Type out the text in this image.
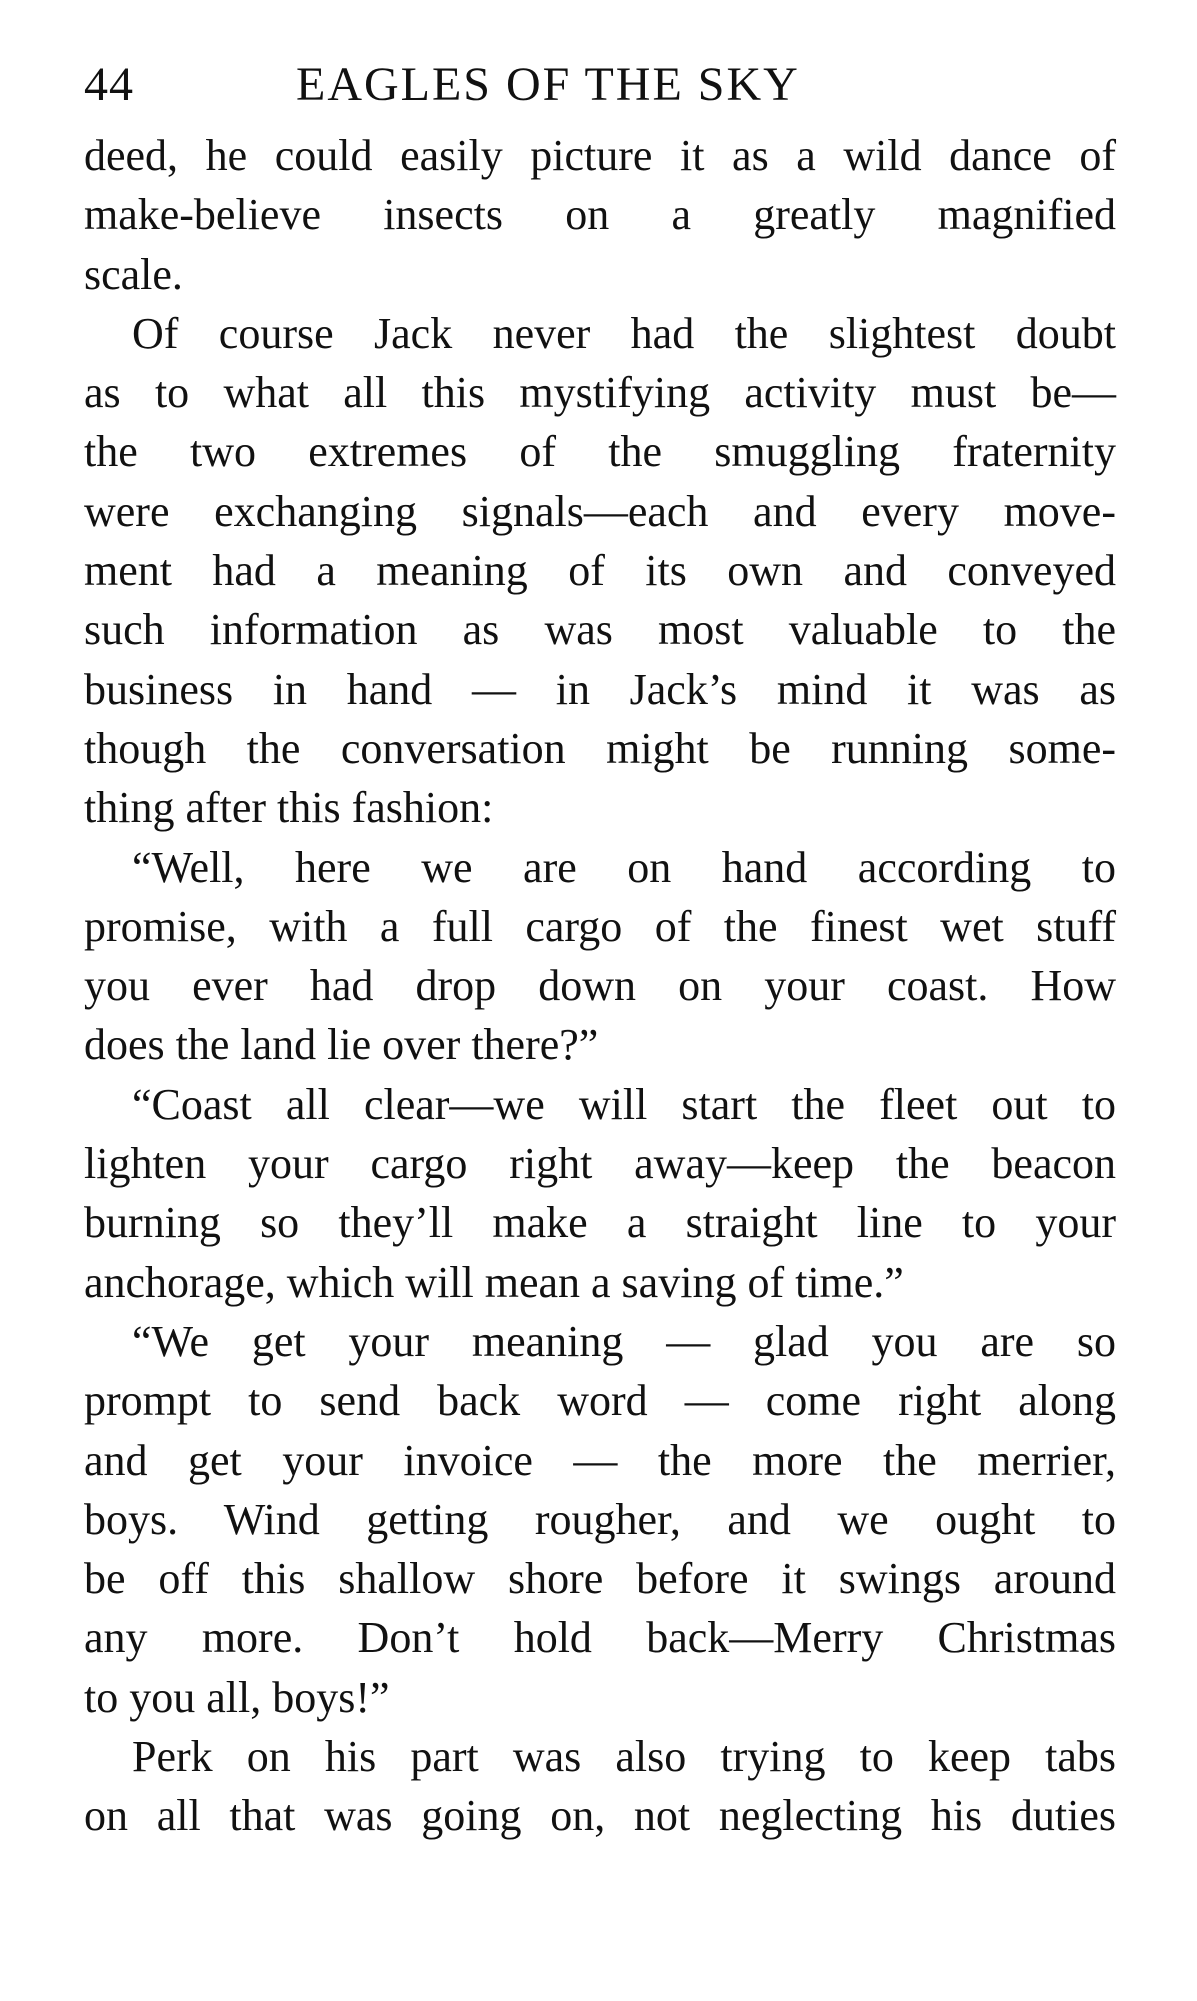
44	EAGLES OF THE SKY
deed, he could easily picture it as a wild dance of
make-believe insects on a greatly magnified
scale.
Of course Jack never had the slightest doubt
as to what all this mystifying activity must be—
the two extremes of the smuggling fraternity
were exchanging signals—each and every move-
ment had a meaning of its own and conveyed
such information as was most valuable to the
business in hand — in Jack’s mind it was as
though the conversation might be running some-
thing after this fashion:
“Well, here we are on hand according to
promise, with a full cargo of the finest wet stuff
you ever had drop down on your coast. How
does the land lie over there?”
“Coast all clear—we will start the fleet out to
lighten your cargo right away—keep the beacon
burning so they’ll make a straight line to your
anchorage, which will mean a saving of time.”
“We get your meaning — glad you are so
prompt to send back word — come right along
and get your invoice — the more the merrier,
boys. Wind getting rougher, and we ought to
be off this shallow shore before it swings around
any more. Don’t hold back—Merry Christmas
to you all, boys!”
Perk on his part was also trying to keep tabs
on all that was going on, not neglecting his duties
